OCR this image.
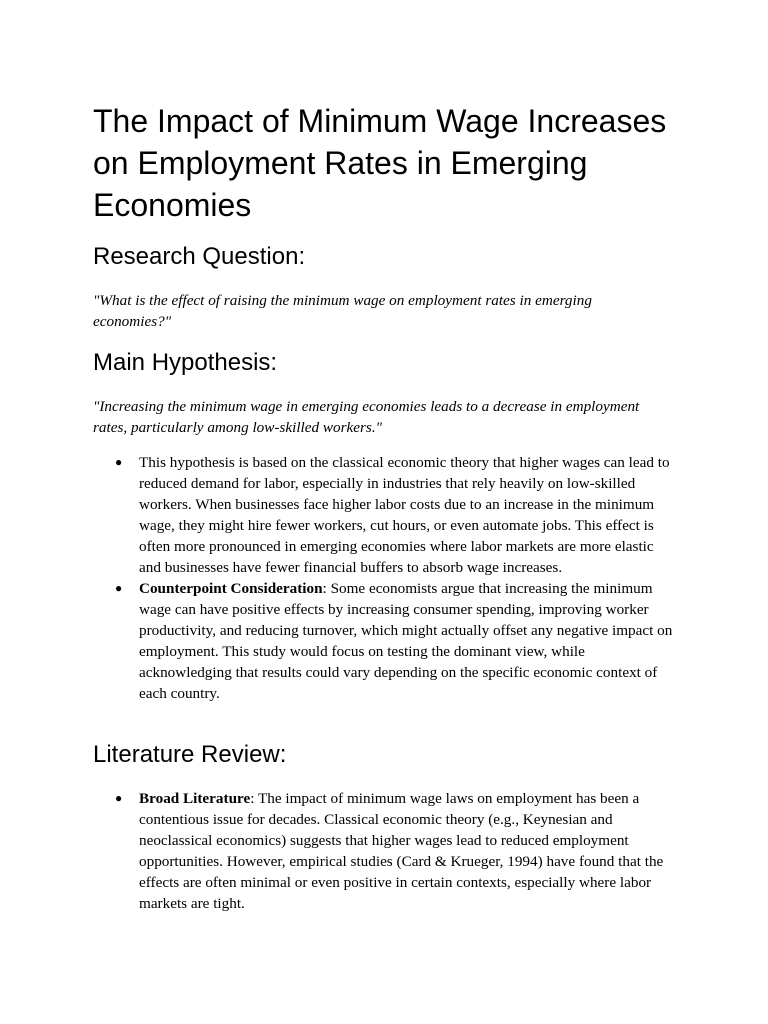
The Impact of Minimum Wage Increases on Employment Rates in Emerging Economies
Research Question:

"What is the effect of raising the minimum wage on employment rates in emerging economies?"

Main Hypothesis:

"Increasing the minimum wage in emerging economies leads to a decrease in employment rates, particularly among low-skilled workers."

● This hypothesis is based on the classical economic theory that higher wages can lead to reduced demand for labor, especially in industries that rely heavily on low-skilled workers. When businesses face higher labor costs due to an increase in the minimum wage, they might hire fewer workers, cut hours, or even automate jobs. This effect is often more pronounced in emerging economies where labor markets are more elastic and businesses have fewer financial buffers to absorb wage increases.
● Counterpoint Consideration: Some economists argue that increasing the minimum wage can have positive effects by increasing consumer spending, improving worker productivity, and reducing turnover, which might actually offset any negative impact on employment. This study would focus on testing the dominant view, while acknowledging that results could vary depending on the specific economic context of each country.
Literature Review:
● Broad Literature: The impact of minimum wage laws on employment has been a contentious issue for decades. Classical economic theory (e.g., Keynesian and neoclassical economics) suggests that higher wages lead to reduced employment opportunities. However, empirical studies (Card & Krueger, 1994) have found that the effects are often minimal or even positive in certain contexts, especially where labor markets are tight.
